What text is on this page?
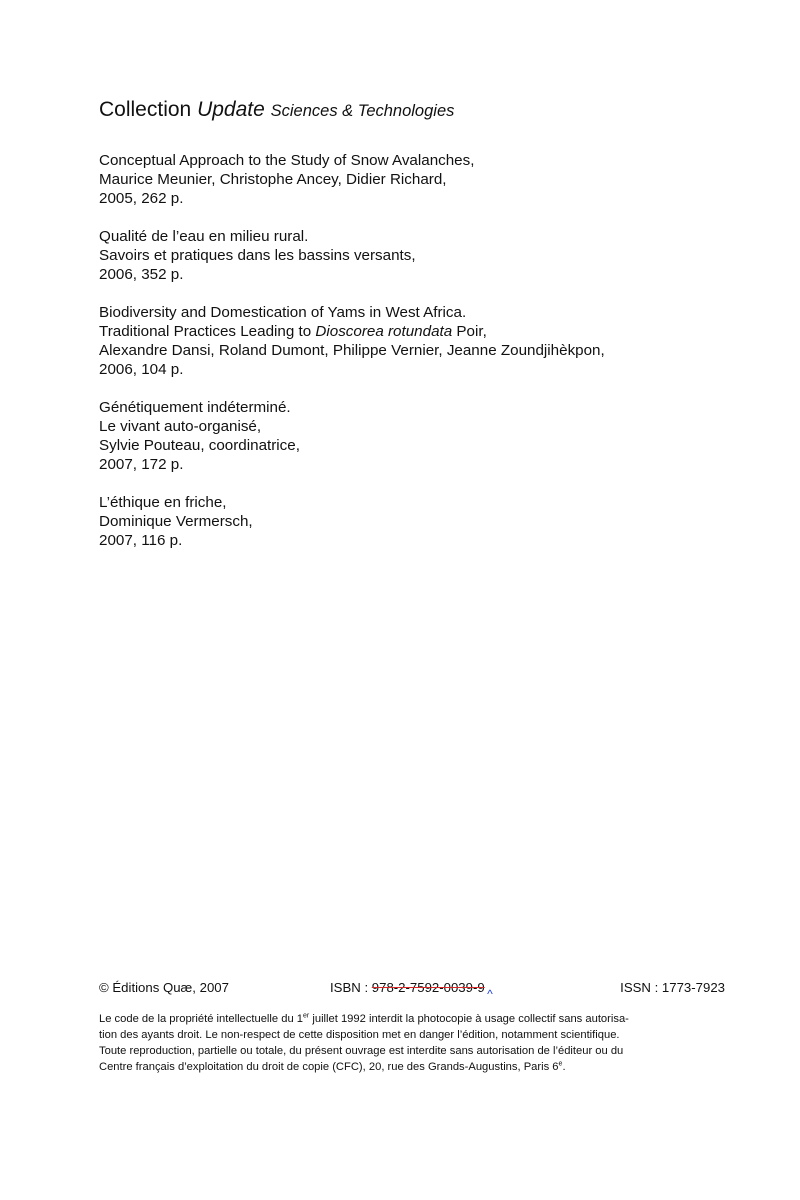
Collection Update Sciences & Technologies
Conceptual Approach to the Study of Snow Avalanches,
Maurice Meunier, Christophe Ancey, Didier Richard,
2005, 262 p.
Qualité de l’eau en milieu rural.
Savoirs et pratiques dans les bassins versants,
2006, 352 p.
Biodiversity and Domestication of Yams in West Africa.
Traditional Practices Leading to Dioscorea rotundata Poir,
Alexandre Dansi, Roland Dumont, Philippe Vernier, Jeanne Zoundjihèkpon,
2006, 104 p.
Génétiquement indéterminé.
Le vivant auto-organisé,
Sylvie Pouteau, coordinatrice,
2007, 172 p.
L’éthique en friche,
Dominique Vermersch,
2007, 116 p.
© Éditions Quæ, 2007	ISBN : 978-2-7592-0039-9 ^	ISSN : 1773-7923
Le code de la propriété intellectuelle du 1er juillet 1992 interdit la photocopie à usage collectif sans autorisa-
tion des ayants droit. Le non-respect de cette disposition met en danger l’édition, notamment scientifique.
Toute reproduction, partielle ou totale, du présent ouvrage est interdite sans autorisation de l’éditeur ou du
Centre français d’exploitation du droit de copie (CFC), 20, rue des Grands-Augustins, Paris 6e.
